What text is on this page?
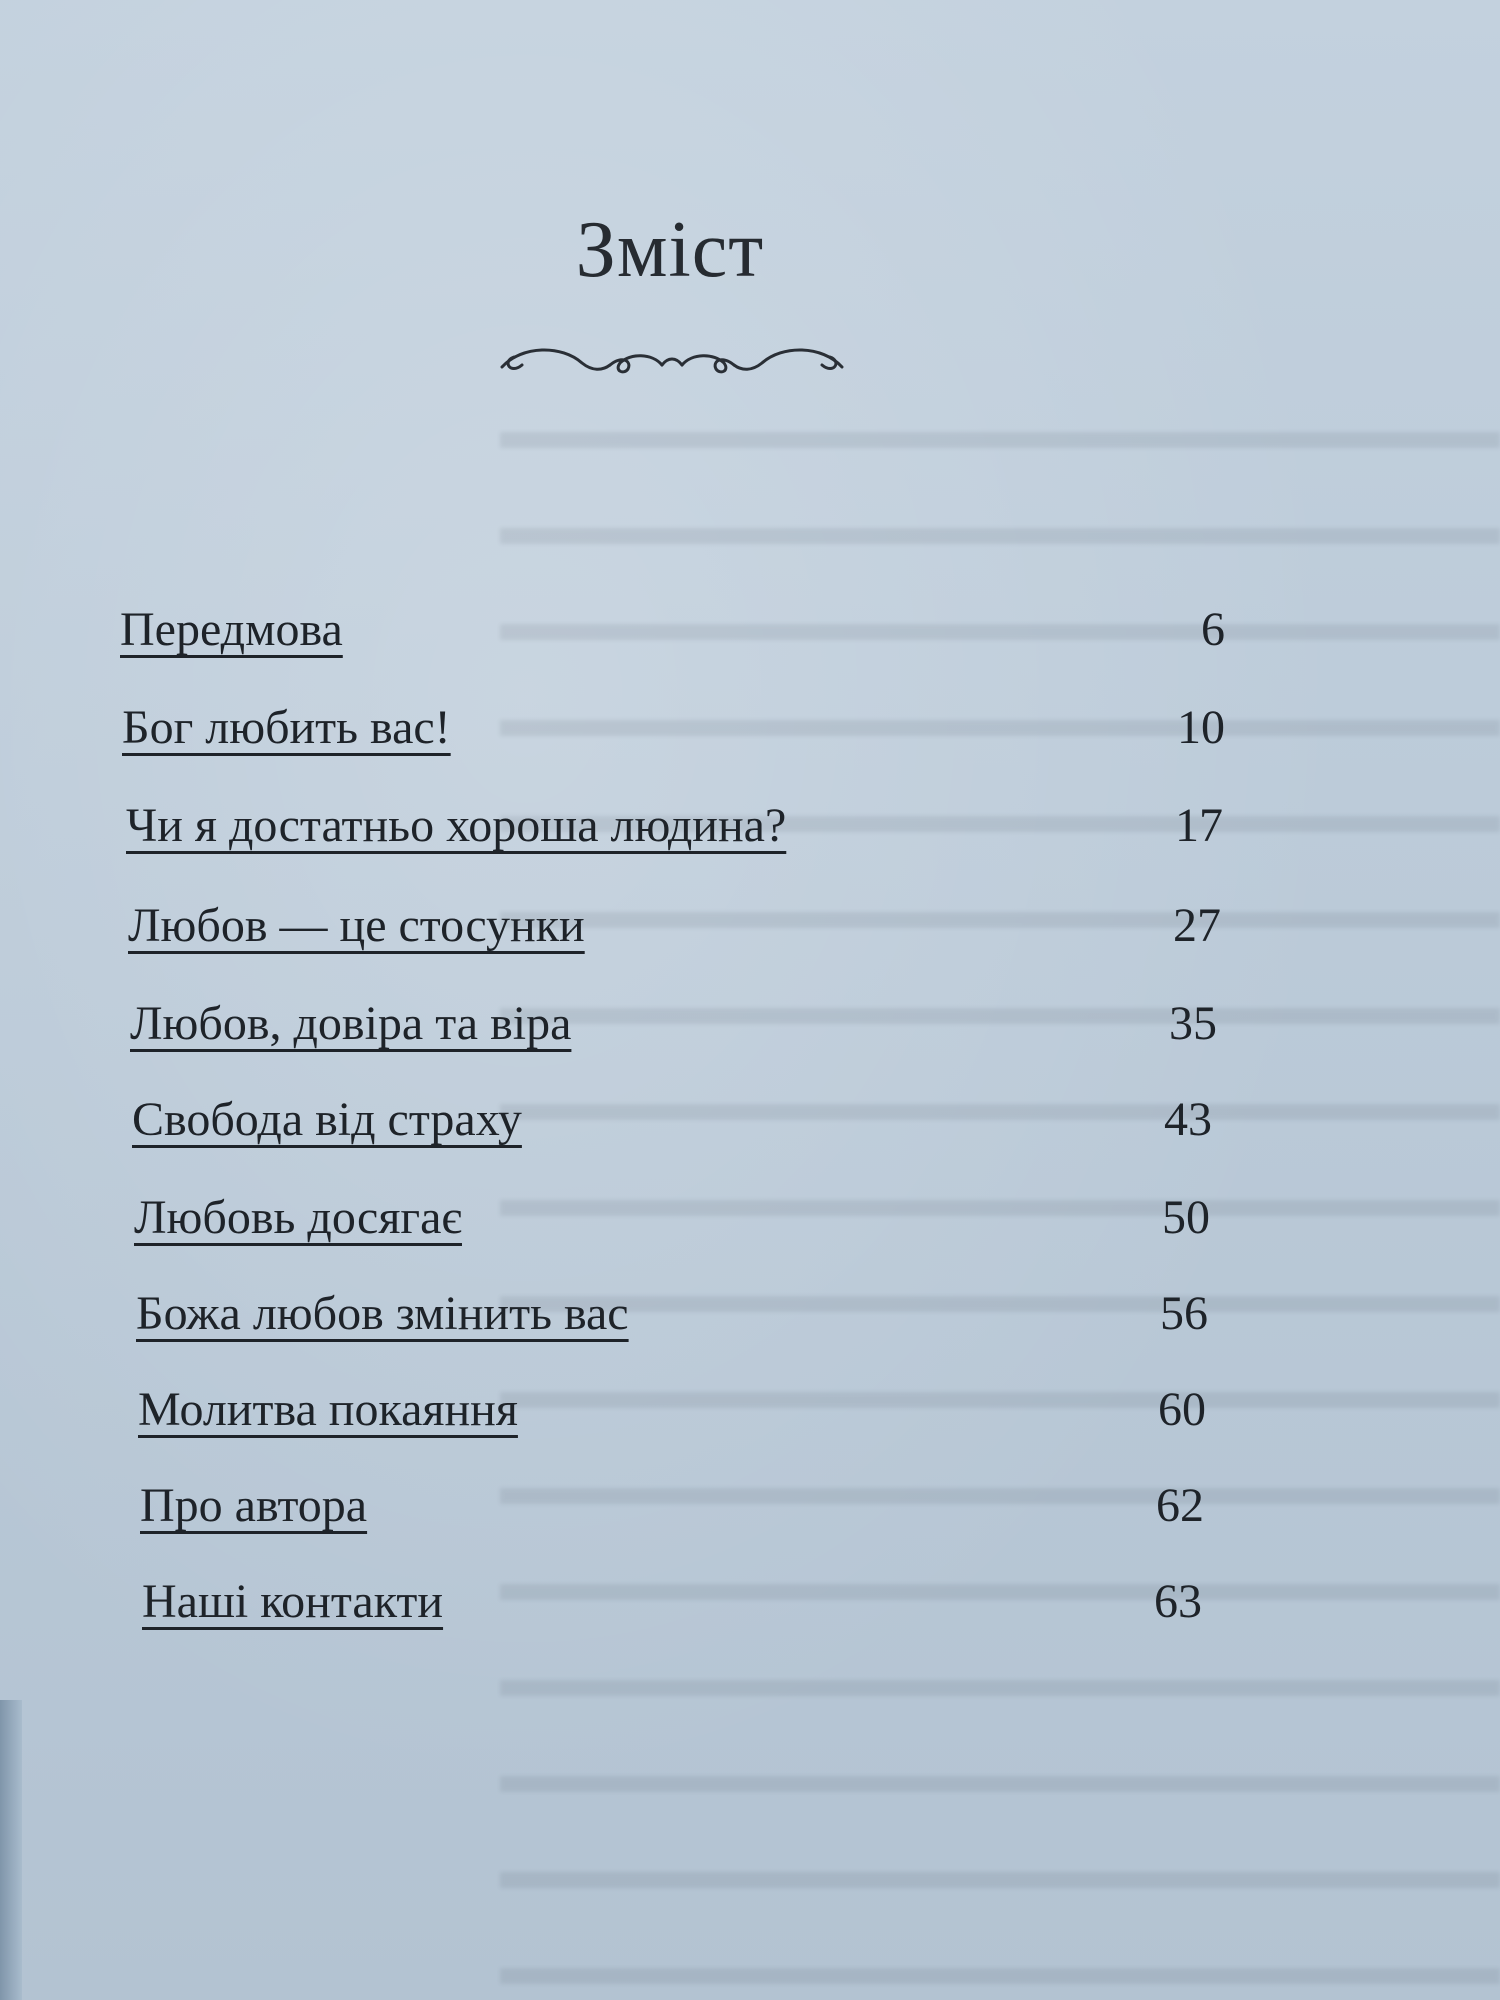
Зміст
Передмова	6
Бог любить вас!	10
Чи я достатньо хороша людина?	17
Любов — це стосунки	27
Любов, довіра та віра	35
Свобода від страху	43
Любовь досягає	50
Божа любов змінить вас	56
Молитва покаяння	60
Про автора	62
Наші контакти	63
